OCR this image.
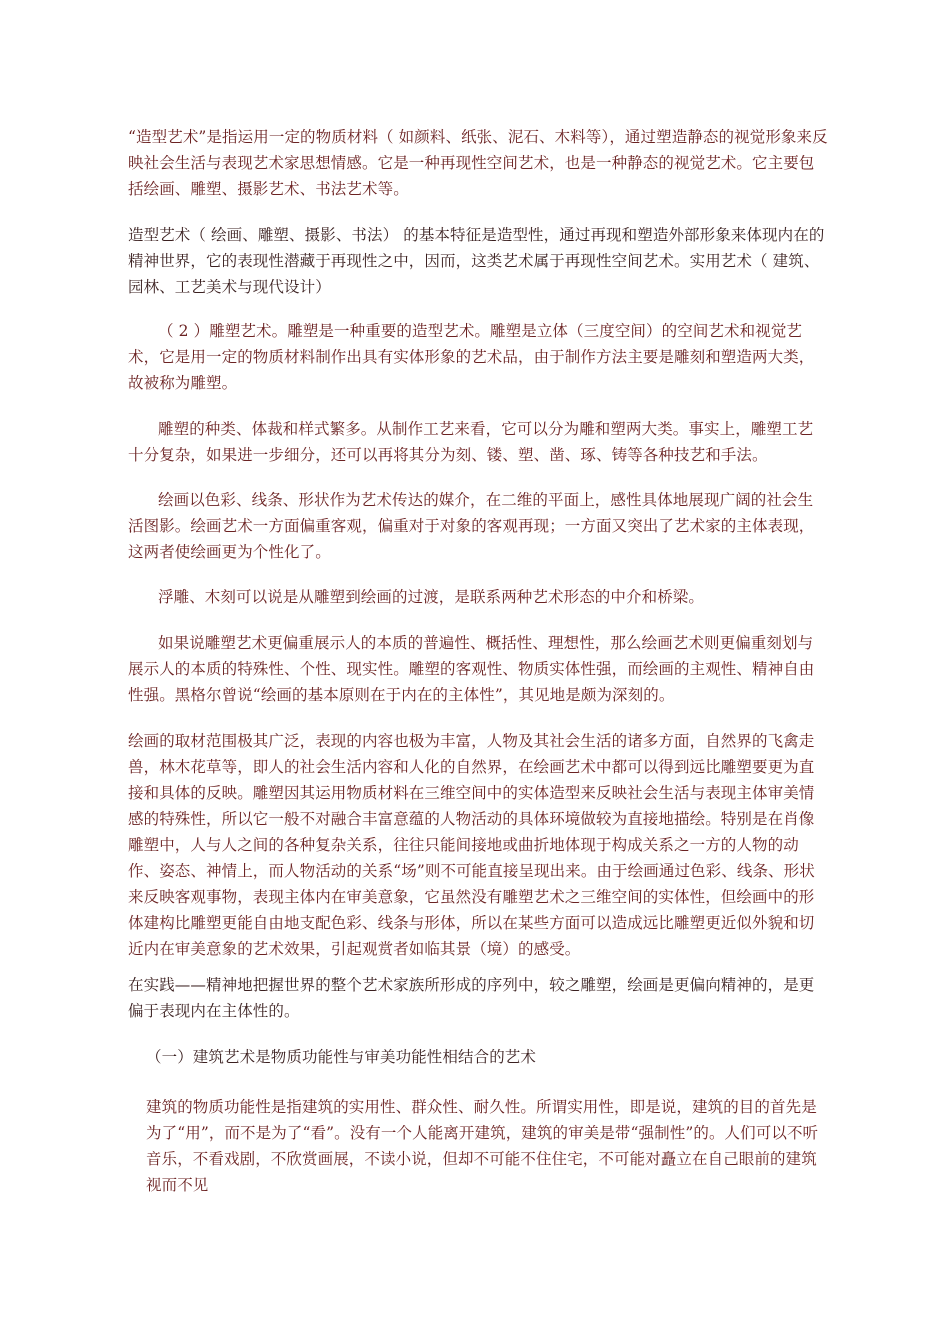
“造型艺术”是指运用一定的物质材料（ 如颜料、纸张、泥石、木料等），通过塑造静态的视觉形象来反映社会生活与表现艺术家思想情感。它是一种再现性空间艺术，也是一种静态的视觉艺术。它主要包括绘画、雕塑、摄影艺术、书法艺术等。

造型艺术（ 绘画、雕塑、摄影、书法） 的基本特征是造型性，通过再现和塑造外部形象来体现内在的精神世界，它的表现性潜藏于再现性之中，因而，这类艺术属于再现性空间艺术。实用艺术（ 建筑、园林、工艺美术与现代设计）

（ 2 ）雕塑艺术。雕塑是一种重要的造型艺术。雕塑是立体（三度空间）的空间艺术和视觉艺术，它是用一定的物质材料制作出具有实体形象的艺术品，由于制作方法主要是雕刻和塑造两大类，故被称为雕塑。

雕塑的种类、体裁和样式繁多。从制作工艺来看，它可以分为雕和塑两大类。事实上，雕塑工艺十分复杂，如果进一步细分，还可以再将其分为刻、镂、塑、凿、琢、铸等各种技艺和手法。

绘画以色彩、线条、形状作为艺术传达的媒介，在二维的平面上，感性具体地展现广阔的社会生活图影。绘画艺术一方面偏重客观，偏重对于对象的客观再现；一方面又突出了艺术家的主体表现，这两者使绘画更为个性化了。

浮雕、木刻可以说是从雕塑到绘画的过渡，是联系两种艺术形态的中介和桥梁。

如果说雕塑艺术更偏重展示人的本质的普遍性、概括性、理想性，那么绘画艺术则更偏重刻划与展示人的本质的特殊性、个性、现实性。雕塑的客观性、物质实体性强，而绘画的主观性、精神自由性强。黑格尔曾说“绘画的基本原则在于内在的主体性”，其见地是颇为深刻的。

绘画的取材范围极其广泛，表现的内容也极为丰富，人物及其社会生活的诸多方面，自然界的飞禽走兽，林木花草等，即人的社会生活内容和人化的自然界，在绘画艺术中都可以得到远比雕塑要更为直接和具体的反映。雕塑因其运用物质材料在三维空间中的实体造型来反映社会生活与表现主体审美情感的特殊性，所以它一般不对融合丰富意蕴的人物活动的具体环境做较为直接地描绘。特别是在肖像雕塑中，人与人之间的各种复杂关系，往往只能间接地或曲折地体现于构成关系之一方的人物的动作、姿态、神情上，而人物活动的关系“场”则不可能直接呈现出来。由于绘画通过色彩、线条、形状来反映客观事物，表现主体内在审美意象，它虽然没有雕塑艺术之三维空间的实体性，但绘画中的形体建构比雕塑更能自由地支配色彩、线条与形体，所以在某些方面可以造成远比雕塑更近似外貌和切近内在审美意象的艺术效果，引起观赏者如临其景（境）的感受。

在实践——精神地把握世界的整个艺术家族所形成的序列中，较之雕塑，绘画是更偏向精神的，是更偏于表现内在主体性的。

（一）建筑艺术是物质功能性与审美功能性相结合的艺术

建筑的物质功能性是指建筑的实用性、群众性、耐久性。所谓实用性，即是说，建筑的目的首先是为了“用”，而不是为了“看”。没有一个人能离开建筑，建筑的审美是带“强制性”的。人们可以不听音乐，不看戏剧，不欣赏画展，不读小说，但却不可能不住住宅，不可能对矗立在自己眼前的建筑视而不见
